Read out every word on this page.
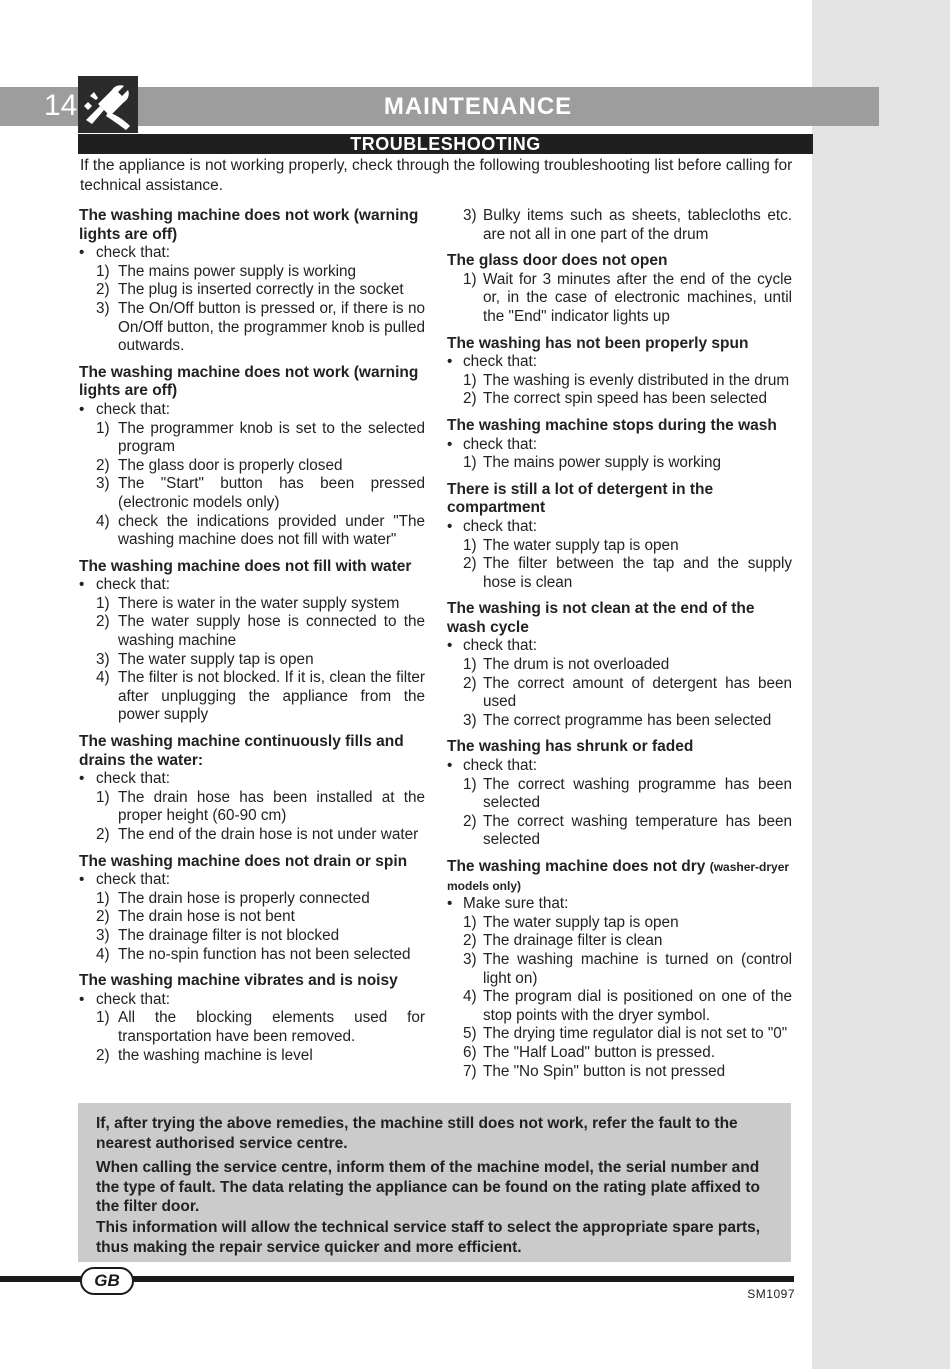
14	MAINTENANCE
TROUBLESHOOTING
If the appliance is not working properly, check through the following troubleshooting list before calling for technical assistance.
The washing machine does not work (warning lights are off)
• check that:
1) The mains power supply is working
2) The plug is inserted correctly in the socket
3) The On/Off button is pressed or, if there is no On/Off button, the programmer knob is pulled outwards.
The washing machine does not work (warning lights are off)
• check that:
1) The programmer knob is set to the selected program
2) The glass door is properly closed
3) The "Start" button has been pressed (electronic models only)
4) check the indications provided under "The washing machine does not fill with water"
The washing machine does not fill with water
• check that:
1) There is water in the water supply system
2) The water supply hose is connected to the washing machine
3) The water supply tap is open
4) The filter is not blocked. If it is, clean the filter after unplugging the appliance from the power supply
The washing machine continuously fills and drains the water:
• check that:
1) The drain hose has been installed at the proper height (60-90 cm)
2) The end of the drain hose is not under water
The washing machine does not drain or spin
• check that:
1) The drain hose is properly connected
2) The drain hose is not bent
3) The drainage filter is not blocked
4) The no-spin function has not been selected
The washing machine vibrates and is noisy
• check that:
1) All the blocking elements used for transportation have been removed.
2) the washing machine is level
3) Bulky items such as sheets, tablecloths etc. are not all in one part of the drum
The glass door does not open
1) Wait for 3 minutes after the end of the cycle or, in the case of electronic machines, until the "End" indicator lights up
The washing has not been properly spun
• check that:
1) The washing is evenly distributed in the drum
2) The correct spin speed has been selected
The washing machine stops during the wash
• check that:
1) The mains power supply is working
There is still a lot of detergent in the compartment
• check that:
1) The water supply tap is open
2) The filter between the tap and the supply hose is clean
The washing is not clean at the end of the wash cycle
• check that:
1) The drum is not overloaded
2) The correct amount of detergent has been used
3) The correct programme has been selected
The washing has shrunk or faded
• check that:
1) The correct washing programme has been selected
2) The correct washing temperature has been selected
The washing machine does not dry (washer-dryer models only)
• Make sure that:
1) The water supply tap is open
2) The drainage filter is clean
3) The washing machine is turned on (control light on)
4) The program dial is positioned on one of the stop points with the dryer symbol.
5) The drying time regulator dial is not set to "0"
6) The "Half Load" button is pressed.
7) The "No Spin" button is not pressed

If, after trying the above remedies, the machine still does not work, refer the fault to the nearest authorised service centre.

When calling the service centre, inform them of the machine model, the serial number and the type of fault. The data relating the appliance can be found on the rating plate affixed to the filter door.

This information will allow the technical service staff to select the appropriate spare parts, thus making the repair service quicker and more efficient.

GB
SM1097
